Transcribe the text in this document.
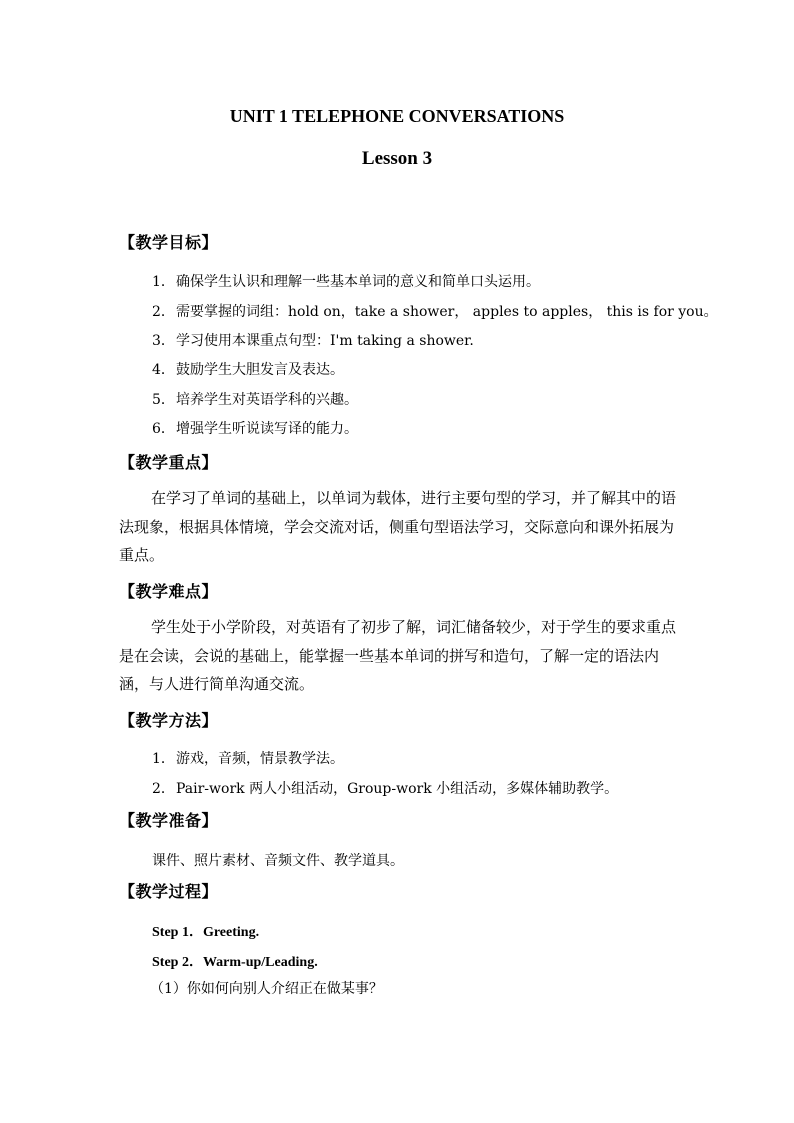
UNIT 1 TELEPHONE CONVERSATIONS
Lesson 3
【教学目标】
1．确保学生认识和理解一些基本单词的意义和简单口头运用。
2．需要掌握的词组：hold on，take a shower， apples to apples， this is for you。
3．学习使用本课重点句型：I'm taking a shower.
4．鼓励学生大胆发言及表达。
5．培养学生对英语学科的兴趣。
6．增强学生听说读写译的能力。
【教学重点】
在学习了单词的基础上，以单词为载体，进行主要句型的学习，并了解其中的语法现象，根据具体情境，学会交流对话，侧重句型语法学习，交际意向和课外拓展为重点。
【教学难点】
学生处于小学阶段，对英语有了初步了解，词汇储备较少，对于学生的要求重点是在会读，会说的基础上，能掌握一些基本单词的拼写和造句，了解一定的语法内涵，与人进行简单沟通交流。
【教学方法】
1．游戏，音频，情景教学法。
2．Pair-work 两人小组活动，Group-work 小组活动，多媒体辅助教学。
【教学准备】
课件、照片素材、音频文件、教学道具。
【教学过程】
Step 1．Greeting.
Step 2．Warm-up/Leading.
（1）你如何向别人介绍正在做某事？
